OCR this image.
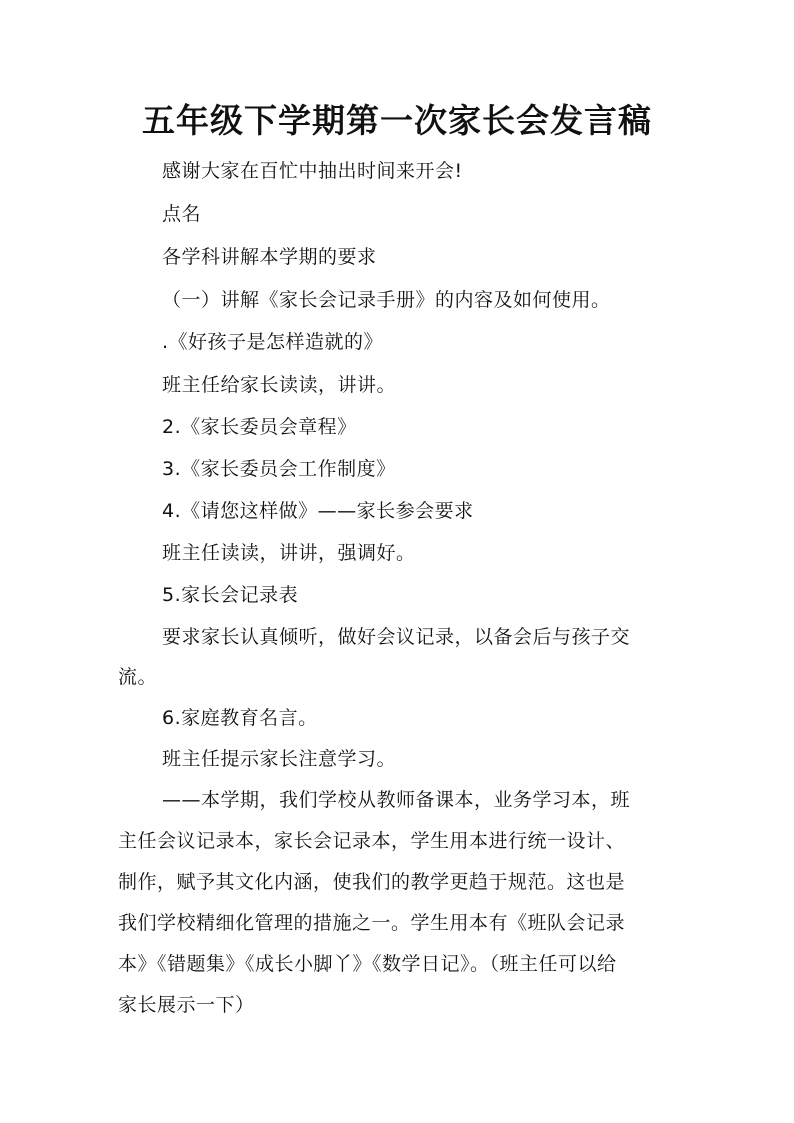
五年级下学期第一次家长会发言稿

感谢大家在百忙中抽出时间来开会!

点名

各学科讲解本学期的要求

（一）讲解《家长会记录手册》的内容及如何使用。

.《好孩子是怎样造就的》

班主任给家长读读，讲讲。

2.《家长委员会章程》

3.《家长委员会工作制度》

4.《请您这样做》——家长参会要求

班主任读读，讲讲，强调好。

5.家长会记录表

要求家长认真倾听，做好会议记录，以备会后与孩子交

流。

6.家庭教育名言。

班主任提示家长注意学习。

——本学期，我们学校从教师备课本，业务学习本，班

主任会议记录本，家长会记录本，学生用本进行统一设计、

制作，赋予其文化内涵，使我们的教学更趋于规范。这也是

我们学校精细化管理的措施之一。学生用本有《班队会记录

本》《错题集》《成长小脚丫》《数学日记》。（班主任可以给

家长展示一下）
